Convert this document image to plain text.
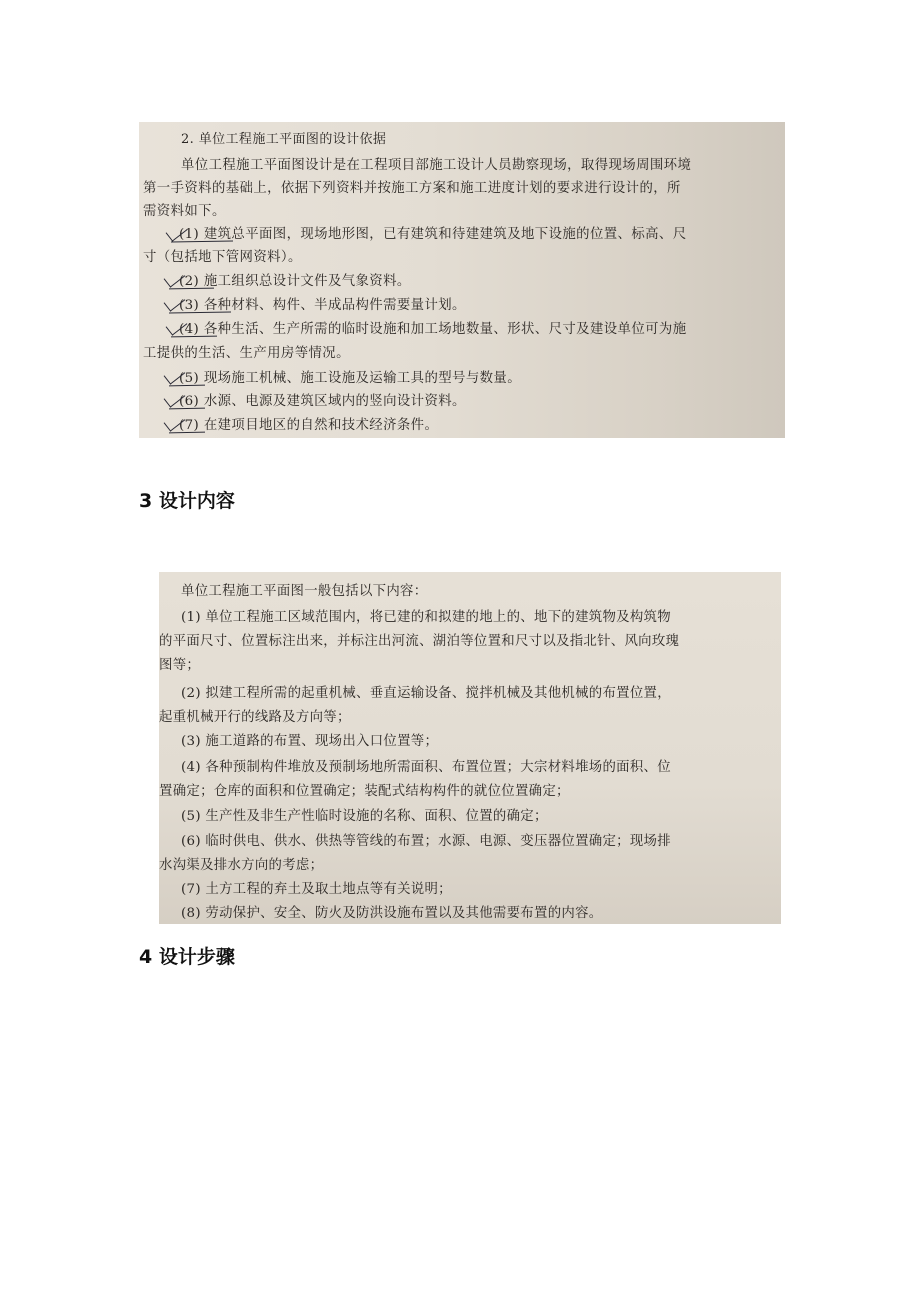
2. 单位工程施工平面图的设计依据
单位工程施工平面图设计是在工程项目部施工设计人员勘察现场，取得现场周围环境
第一手资料的基础上，依据下列资料并按施工方案和施工进度计划的要求进行设计的，所
需资料如下。
(1) 建筑总平面图，现场地形图，已有建筑和待建建筑及地下设施的位置、标高、尺
寸（包括地下管网资料）。
(2) 施工组织总设计文件及气象资料。
(3) 各种材料、构件、半成品构件需要量计划。
(4) 各种生活、生产所需的临时设施和加工场地数量、形状、尺寸及建设单位可为施
工提供的生活、生产用房等情况。
(5) 现场施工机械、施工设施及运输工具的型号与数量。
(6) 水源、电源及建筑区域内的竖向设计资料。
(7) 在建项目地区的自然和技术经济条件。
3 设计内容
单位工程施工平面图一般包括以下内容：
(1) 单位工程施工区域范围内，将已建的和拟建的地上的、地下的建筑物及构筑物
的平面尺寸、位置标注出来，并标注出河流、湖泊等位置和尺寸以及指北针、风向玫瑰
图等；
(2) 拟建工程所需的起重机械、垂直运输设备、搅拌机械及其他机械的布置位置，
起重机械开行的线路及方向等；
(3) 施工道路的布置、现场出入口位置等；
(4) 各种预制构件堆放及预制场地所需面积、布置位置；大宗材料堆场的面积、位
置确定；仓库的面积和位置确定；装配式结构构件的就位位置确定；
(5) 生产性及非生产性临时设施的名称、面积、位置的确定；
(6) 临时供电、供水、供热等管线的布置；水源、电源、变压器位置确定；现场排
水沟渠及排水方向的考虑；
(7) 土方工程的弃土及取土地点等有关说明；
(8) 劳动保护、安全、防火及防洪设施布置以及其他需要布置的内容。
4 设计步骤
